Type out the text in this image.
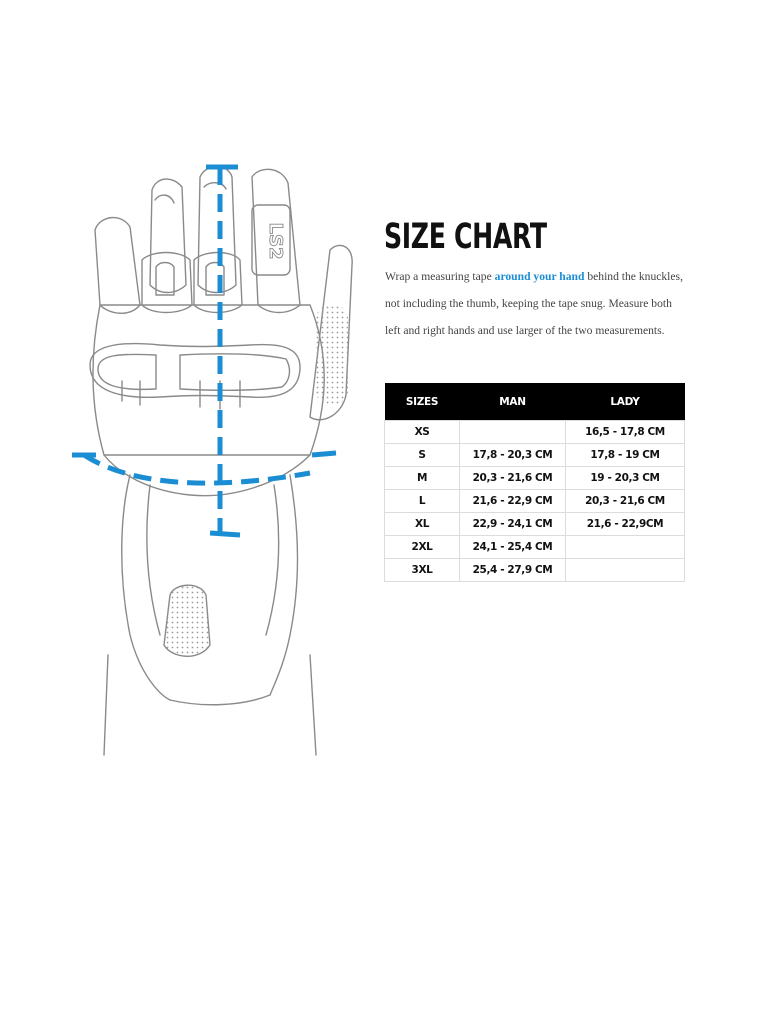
LS2	SIZE CHART

Wrap a measuring tape around your hand behind the knuckles, not including the thumb, keeping the tape snug. Measure both left and right hands and use larger of the two measurements.

SIZES	MAN	LADY
XS		16,5 - 17,8 CM
S	17,8 - 20,3 CM	17,8 - 19 CM
M	20,3 - 21,6 CM	19 - 20,3 CM
L	21,6 - 22,9 CM	20,3 - 21,6 CM
XL	22,9 - 24,1 CM	21,6 - 22,9CM
2XL	24,1 - 25,4 CM	
3XL	25,4 - 27,9 CM	
